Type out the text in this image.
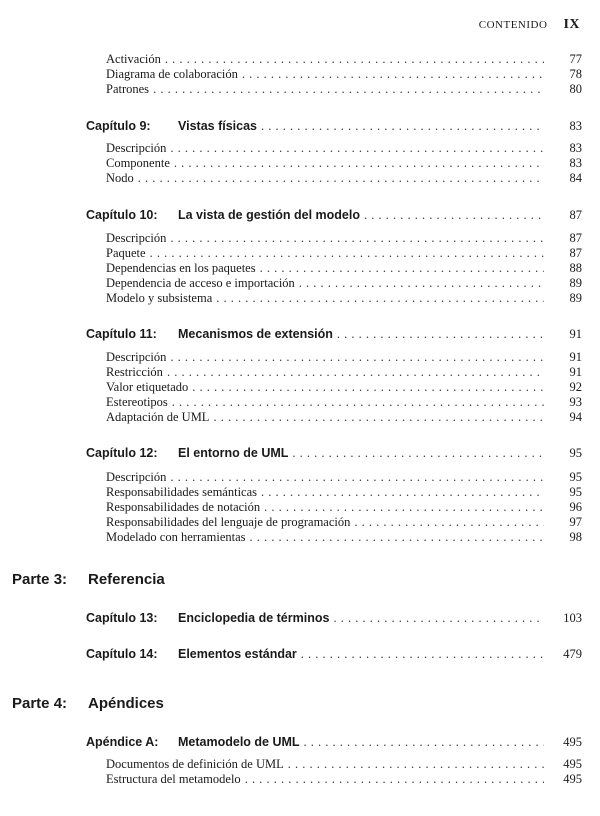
CONTENIDO IX
Activación . . .	77
Diagrama de colaboración . . .	78
Patrones . . .	80
Capítulo 9: Vistas físicas . . .	83
Descripción . . .	83
Componente . . .	83
Nodo . . .	84
Capítulo 10: La vista de gestión del modelo . . .	87
Descripción . . .	87
Paquete . . .	87
Dependencias en los paquetes . . .	88
Dependencia de acceso e importación . . .	89
Modelo y subsistema . . .	89
Capítulo 11: Mecanismos de extensión . . .	91
Descripción . . .	91
Restricción . . .	91
Valor etiquetado . . .	92
Estereotipos . . .	93
Adaptación de UML . . .	94
Capítulo 12: El entorno de UML . . .	95
Descripción . . .	95
Responsabilidades semánticas . . .	95
Responsabilidades de notación . . .	96
Responsabilidades del lenguaje de programación . . .	97
Modelado con herramientas . . .	98
Parte 3: Referencia
Capítulo 13: Enciclopedia de términos . . .	103
Capítulo 14: Elementos estándar . . .	479
Parte 4: Apéndices
Apéndice A: Metamodelo de UML . . .	495
Documentos de definición de UML . . .	495
Estructura del metamodelo . . .	495
